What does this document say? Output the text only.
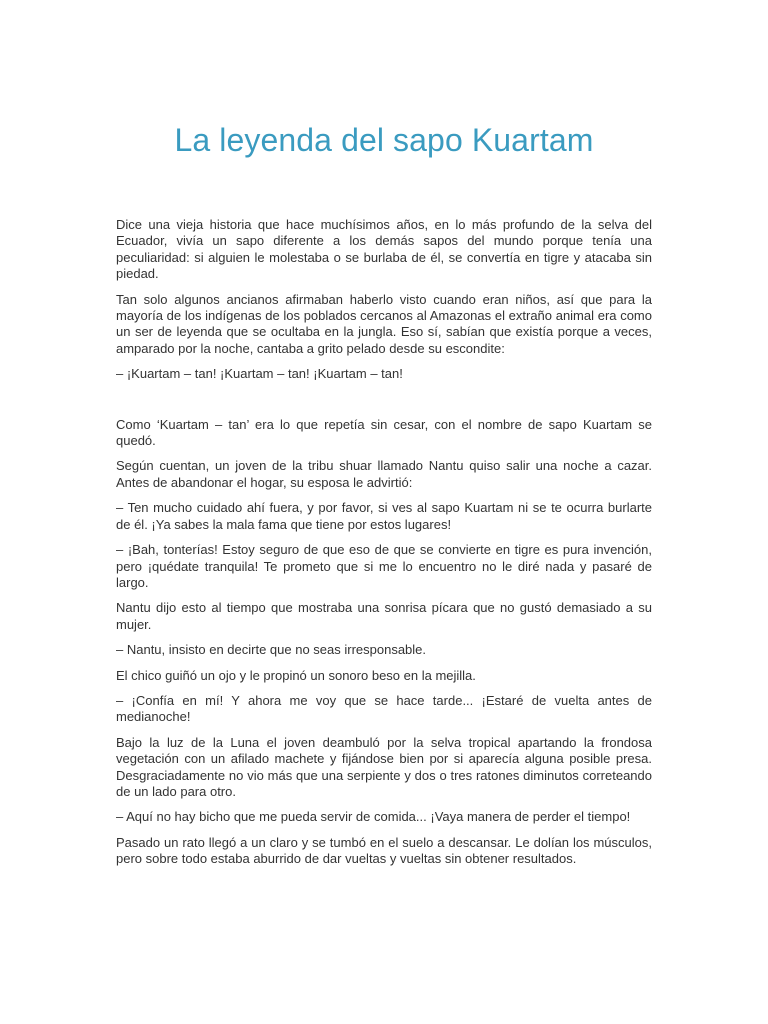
La leyenda del sapo Kuartam

Dice una vieja historia que hace muchísimos años, en lo más profundo de la selva del Ecuador, vivía un sapo diferente a los demás sapos del mundo porque tenía una peculiaridad: si alguien le molestaba o se burlaba de él, se convertía en tigre y atacaba sin piedad.

Tan solo algunos ancianos afirmaban haberlo visto cuando eran niños, así que para la mayoría de los indígenas de los poblados cercanos al Amazonas el extraño animal era como un ser de leyenda que se ocultaba en la jungla. Eso sí, sabían que existía porque a veces, amparado por la noche, cantaba a grito pelado desde su escondite:

– ¡Kuartam – tan! ¡Kuartam – tan! ¡Kuartam – tan!

Como ‘Kuartam – tan’ era lo que repetía sin cesar, con el nombre de sapo Kuartam se quedó.

Según cuentan, un joven de la tribu shuar llamado Nantu quiso salir una noche a cazar. Antes de abandonar el hogar, su esposa le advirtió:

– Ten mucho cuidado ahí fuera, y por favor, si ves al sapo Kuartam ni se te ocurra burlarte de él. ¡Ya sabes la mala fama que tiene por estos lugares!

– ¡Bah, tonterías! Estoy seguro de que eso de que se convierte en tigre es pura invención, pero ¡quédate tranquila! Te prometo que si me lo encuentro no le diré nada y pasaré de largo.

Nantu dijo esto al tiempo que mostraba una sonrisa pícara que no gustó demasiado a su mujer.

– Nantu, insisto en decirte que no seas irresponsable.

El chico guiñó un ojo y le propinó un sonoro beso en la mejilla.

– ¡Confía en mí! Y ahora me voy que se hace tarde... ¡Estaré de vuelta antes de medianoche!

Bajo la luz de la Luna el joven deambuló por la selva tropical apartando la frondosa vegetación con un afilado machete y fijándose bien por si aparecía alguna posible presa. Desgraciadamente no vio más que una serpiente y dos o tres ratones diminutos correteando de un lado para otro.

– Aquí no hay bicho que me pueda servir de comida... ¡Vaya manera de perder el tiempo!

Pasado un rato llegó a un claro y se tumbó en el suelo a descansar. Le dolían los músculos, pero sobre todo estaba aburrido de dar vueltas y vueltas sin obtener resultados.
